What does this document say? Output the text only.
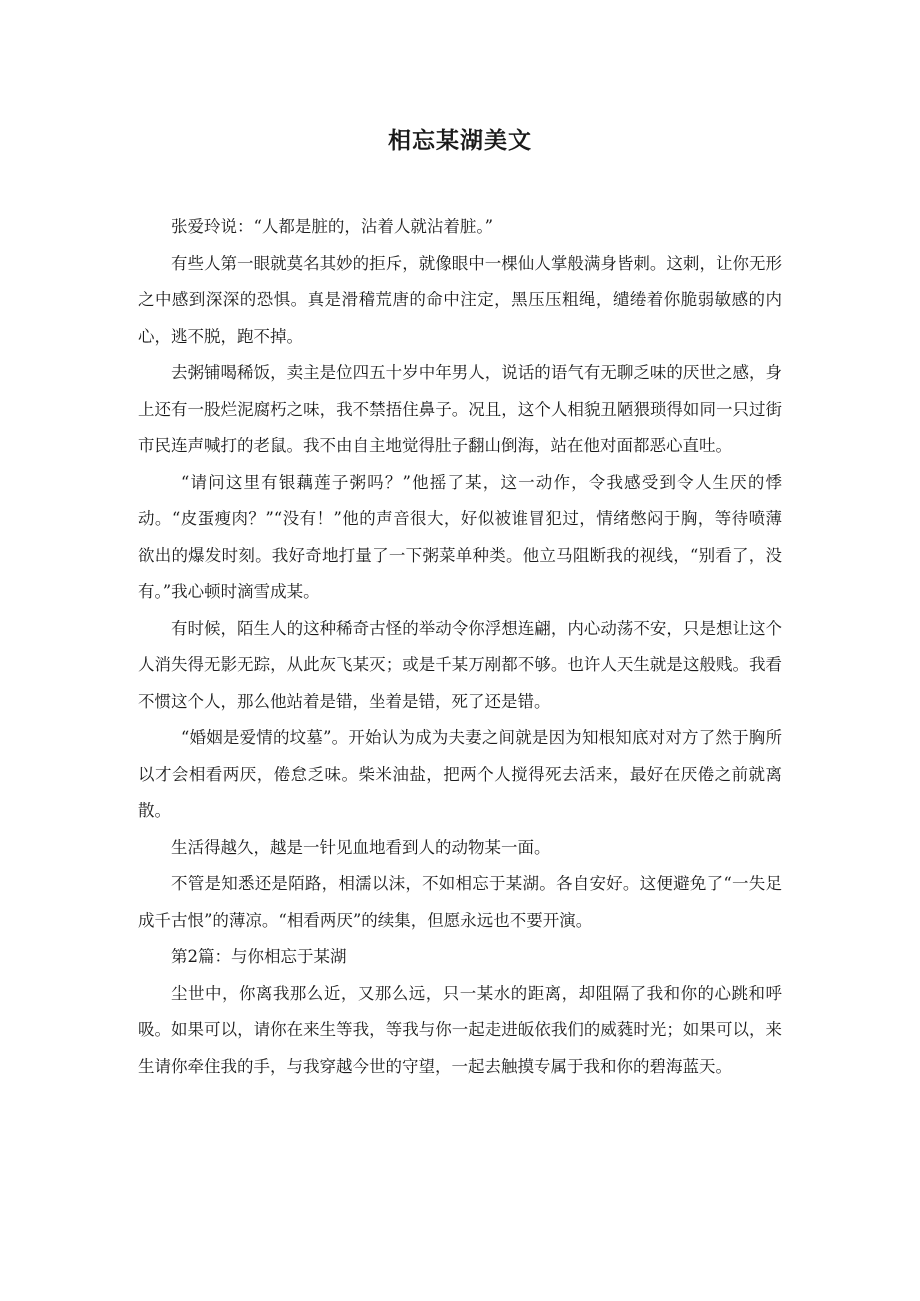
相忘某湖美文

张爱玲说：“人都是脏的，沾着人就沾着脏。”

有些人第一眼就莫名其妙的拒斥，就像眼中一棵仙人掌般满身皆刺。这刺，让你无形之中感到深深的恐惧。真是滑稽荒唐的命中注定，黑压压粗绳，缱绻着你脆弱敏感的内心，逃不脱，跑不掉。

去粥铺喝稀饭，卖主是位四五十岁中年男人，说话的语气有无聊乏味的厌世之感，身上还有一股烂泥腐朽之味，我不禁捂住鼻子。况且，这个人相貌丑陋猥琐得如同一只过街市民连声喊打的老鼠。我不由自主地觉得肚子翻山倒海，站在他对面都恶心直吐。

“请问这里有银藕莲子粥吗？”他摇了某，这一动作，令我感受到令人生厌的悸动。“皮蛋瘦肉？”“没有！”他的声音很大，好似被谁冒犯过，情绪憋闷于胸，等待喷薄欲出的爆发时刻。我好奇地打量了一下粥菜单种类。他立马阻断我的视线，“别看了，没有。”我心顿时滴雪成某。

有时候，陌生人的这种稀奇古怪的举动令你浮想连翩，内心动荡不安，只是想让这个人消失得无影无踪，从此灰飞某灭；或是千某万剐都不够。也许人天生就是这般贱。我看不惯这个人，那么他站着是错，坐着是错，死了还是错。

“婚姻是爱情的坟墓”。开始认为成为夫妻之间就是因为知根知底对对方了然于胸所以才会相看两厌，倦怠乏味。柴米油盐，把两个人搅得死去活来，最好在厌倦之前就离散。

生活得越久，越是一针见血地看到人的动物某一面。

不管是知悉还是陌路，相濡以沫，不如相忘于某湖。各自安好。这便避免了“一失足成千古恨”的薄凉。“相看两厌”的续集，但愿永远也不要开演。

第2篇：与你相忘于某湖

尘世中，你离我那么近，又那么远，只一某水的距离，却阻隔了我和你的心跳和呼吸。如果可以，请你在来生等我，等我与你一起走进皈依我们的威蕤时光；如果可以，来生请你牵住我的手，与我穿越今世的守望，一起去触摸专属于我和你的碧海蓝天。
